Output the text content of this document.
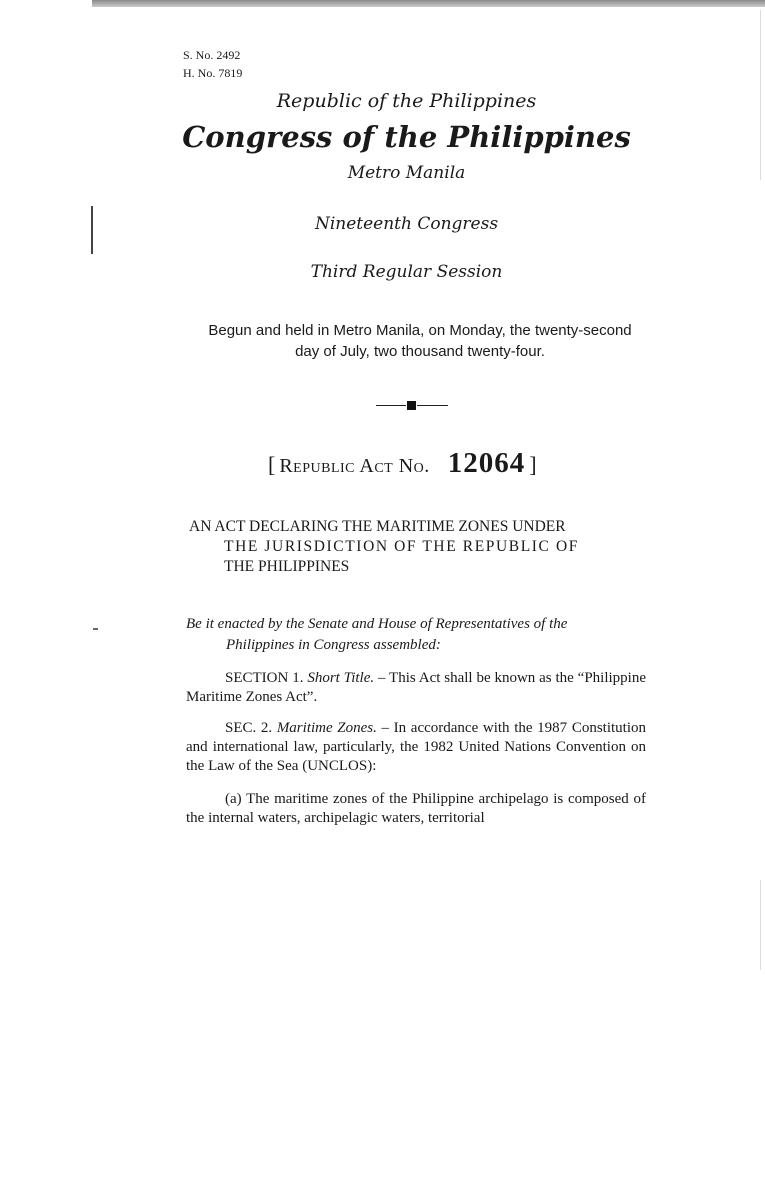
S. No. 2492
H. No. 7819
Republic of the Philippines
Congress of the Philippines
Metro Manila
Nineteenth Congress
Third Regular Session
Begun and held in Metro Manila, on Monday, the twenty-second
day of July, two thousand twenty-four.
[ Republic Act No. 12064 ]
AN ACT DECLARING THE MARITIME ZONES UNDER
THE JURISDICTION OF THE REPUBLIC OF
THE PHILIPPINES
Be it enacted by the Senate and House of Representatives of the
Philippines in Congress assembled:
SECTION 1. Short Title. – This Act shall be known as the “Philippine Maritime Zones Act”.
SEC. 2. Maritime Zones. – In accordance with the 1987 Constitution and international law, particularly, the 1982 United Nations Convention on the Law of the Sea (UNCLOS):
(a) The maritime zones of the Philippine archipelago is composed of the internal waters, archipelagic waters, territorial
